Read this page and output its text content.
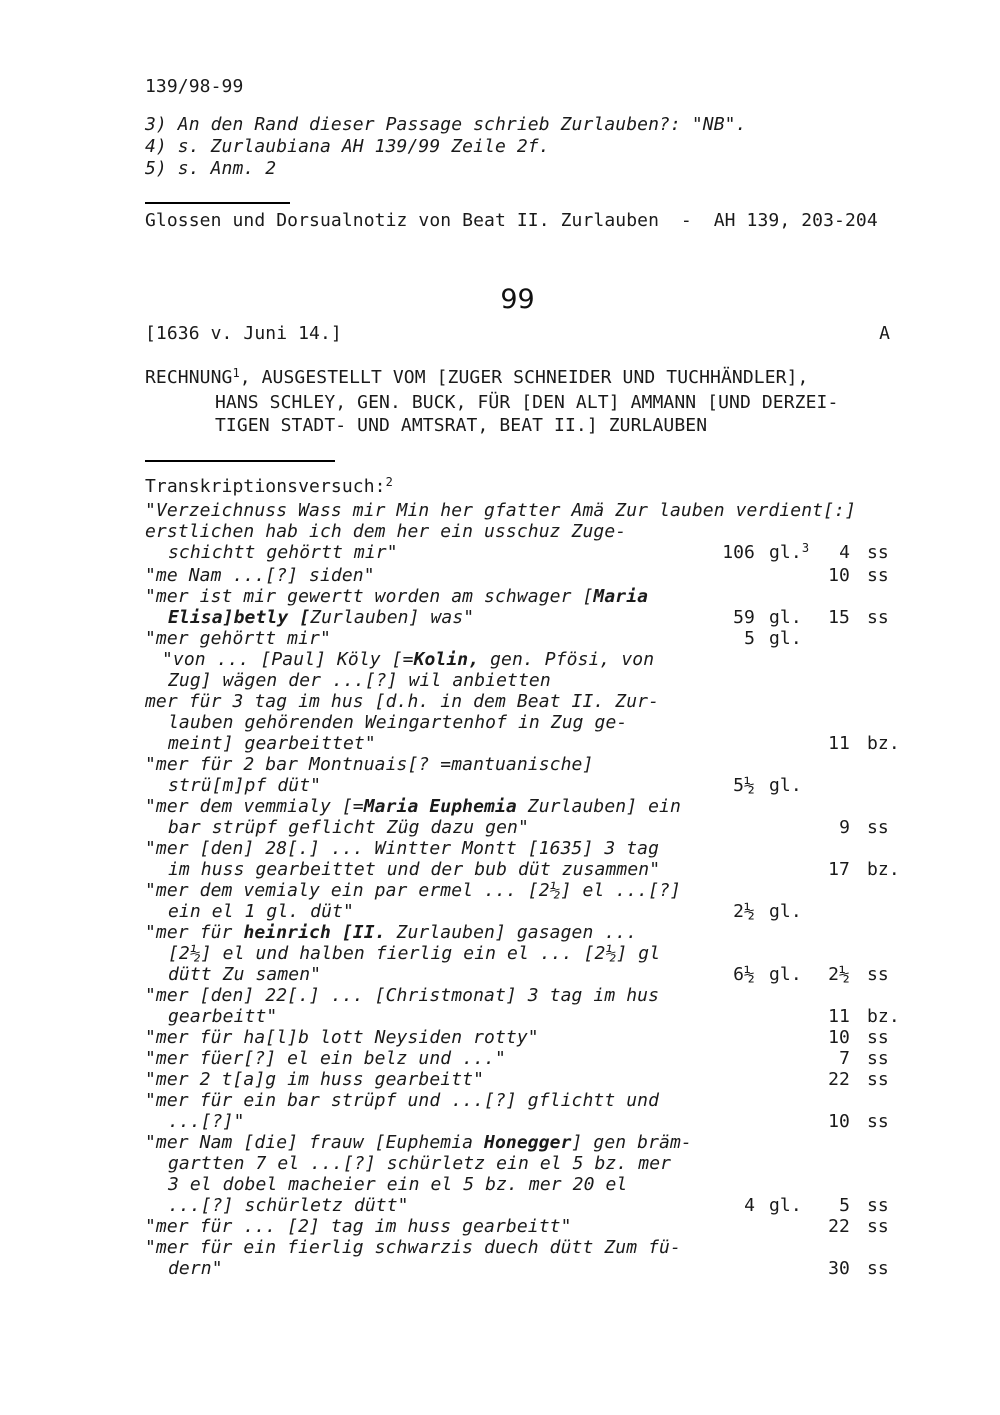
139/98-99
3) An den Rand dieser Passage schrieb Zurlauben?: "NB".
4) s. Zurlaubiana AH 139/99 Zeile 2f.
5) s. Anm. 2
Glossen und Dorsualnotiz von Beat II. Zurlauben  -  AH 139, 203-204
99
[1636 v. Juni 14.]	A
RECHNUNG$^1$, AUSGESTELLT VOM [ZUGER SCHNEIDER UND TUCHHÄNDLER],
HANS SCHLEY, GEN. BUCK, FÜR [DEN ALT] AMMANN [UND DERZEI-
TIGEN STADT- UND AMTSRAT, BEAT II.] ZURLAUBEN
Transkriptionsversuch:$^2$
"Verzeichnuss Wass mir Min her gfatter Amä Zur lauben verdient[:]
erstlichen hab ich dem her ein usschuz Zuge-
schichtt gehörtt mir"	106 gl.$^3$	4 ss
"me Nam ...[?] siden"	10 ss
"mer ist mir gewertt worden am schwager [Maria
Elisa]betly [Zurlauben] was"	59 gl.	15 ss
"mer gehörtt mir"	5 gl.
"von ... [Paul] Köly [=Kolin, gen. Pfösi, von
Zug] wägen der ...[?] wil anbietten
mer für 3 tag im hus [d.h. in dem Beat II. Zur-
lauben gehörenden Weingartenhof in Zug ge-
meint] gearbeittet"	11 bz.
"mer für 2 bar Montnuais[? =mantuanische]
strü[m]pf düt"	5½ gl.
"mer dem vemmialy [=Maria Euphemia Zurlauben] ein
bar strüpf geflicht Züg dazu gen"	9 ss
"mer [den] 28[.] ... Wintter Montt [1635] 3 tag
im huss gearbeittet und der bub düt zusammen"	17 bz.
"mer dem vemialy ein par ermel ... [2½] el ...[?]
ein el 1 gl. düt"	2½ gl.
"mer für heinrich [II. Zurlauben] gasagen ...
[2½] el und halben fierlig ein el ... [2½] gl
dütt Zu samen"	6½ gl.	2½ ss
"mer [den] 22[.] ... [Christmonat] 3 tag im hus
gearbeitt"	11 bz.
"mer für ha[l]b lott Neysiden rotty"	10 ss
"mer füer[?] el ein belz und ..."	7 ss
"mer 2 t[a]g im huss gearbeitt"	22 ss
"mer für ein bar strüpf und ...[?] gflichtt und
...[?]"	10 ss
"mer Nam [die] frauw [Euphemia Honegger] gen bräm-
gartten 7 el ...[?] schürletz ein el 5 bz. mer
3 el dobel macheier ein el 5 bz. mer 20 el
...[?] schürletz dütt"	4 gl.	5 ss
"mer für ... [2] tag im huss gearbeitt"	22 ss
"mer für ein fierlig schwarzis duech dütt Zum fü-
dern"	30 ss
